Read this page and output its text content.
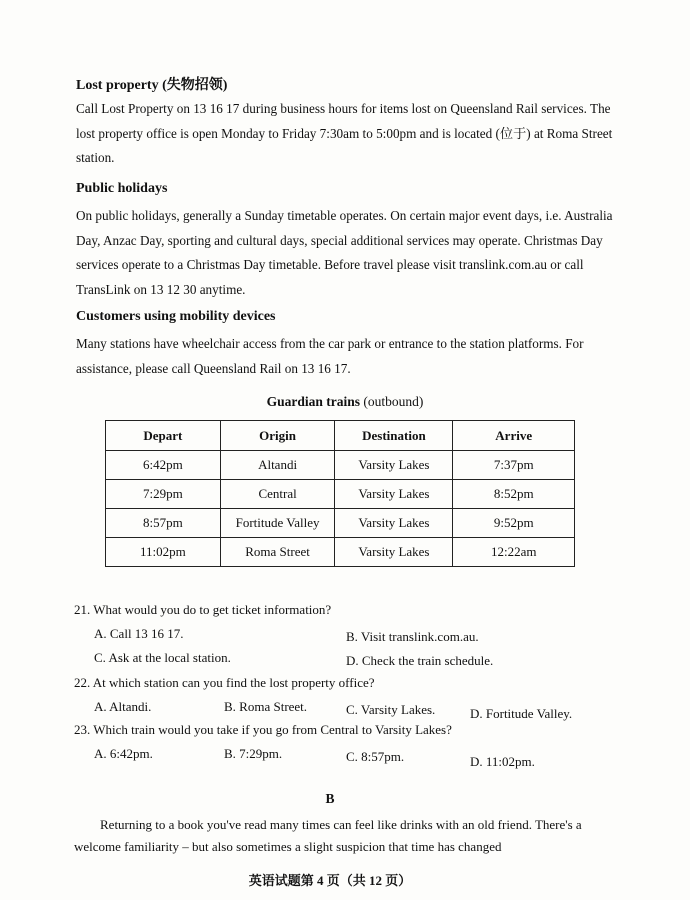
Lost property (失物招领)
Call Lost Property on 13 16 17 during business hours for items lost on Queensland Rail services. The lost property office is open Monday to Friday 7:30am to 5:00pm and is located (位于) at Roma Street station.
Public holidays
On public holidays, generally a Sunday timetable operates. On certain major event days, i.e. Australia Day, Anzac Day, sporting and cultural days, special additional services may operate. Christmas Day services operate to a Christmas Day timetable. Before travel please visit translink.com.au or call TransLink on 13 12 30 anytime.
Customers using mobility devices
Many stations have wheelchair access from the car park or entrance to the station platforms. For assistance, please call Queensland Rail on 13 16 17.
Guardian trains (outbound)
Depart	Origin	Destination	Arrive
6:42pm	Altandi	Varsity Lakes	7:37pm
7:29pm	Central	Varsity Lakes	8:52pm
8:57pm	Fortitude Valley	Varsity Lakes	9:52pm
11:02pm	Roma Street	Varsity Lakes	12:22am
21. What would you do to get ticket information?
A. Call 13 16 17.	B. Visit translink.com.au.
C. Ask at the local station.	D. Check the train schedule.
22. At which station can you find the lost property office?
A. Altandi.	B. Roma Street.	C. Varsity Lakes.	D. Fortitude Valley.
23. Which train would you take if you go from Central to Varsity Lakes?
A. 6:42pm.	B. 7:29pm.	C. 8:57pm.	D. 11:02pm.
B
Returning to a book you've read many times can feel like drinks with an old friend. There's a welcome familiarity – but also sometimes a slight suspicion that time has changed
英语试题第 4 页（共 12 页）
